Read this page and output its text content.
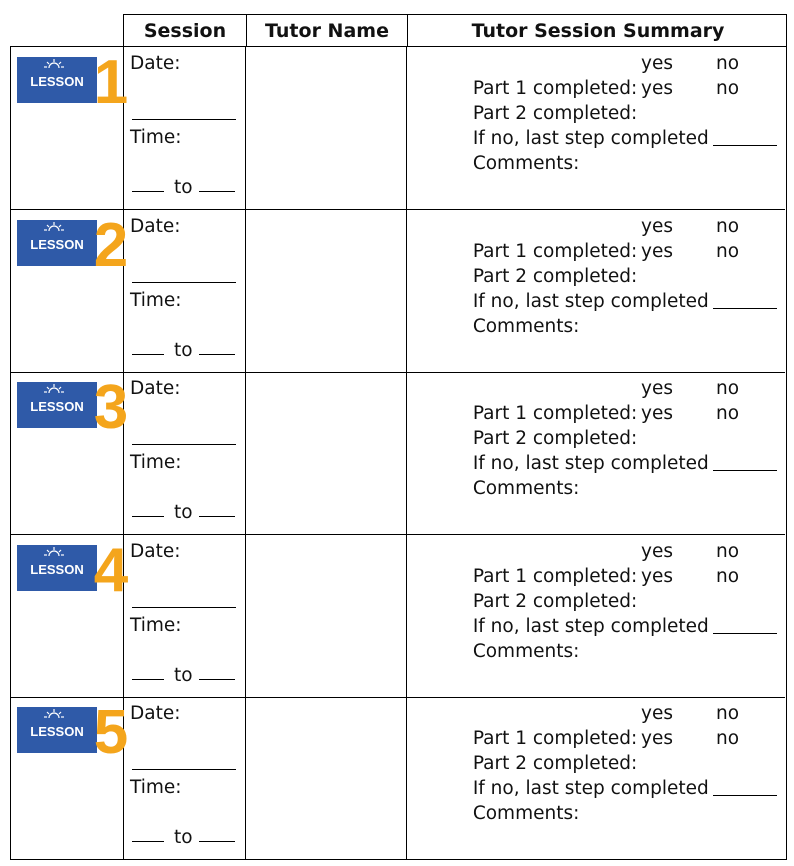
Session	Tutor Name	Tutor Session Summary
LESSON 1 Date:
Time:
to

Part 1 completed:

yes

no

Part 2 completed:

yes

no

If no, last step completed

Comments:

LESSON 2 Date:
Time:
to

Part 1 completed:

yes

no

Part 2 completed:

yes

no

If no, last step completed

Comments:

LESSON 3 Date:
Time:
to

Part 1 completed:

yes

no

Part 2 completed:

yes

no

If no, last step completed

Comments:

LESSON 4 Date:
Time:
to

Part 1 completed:

yes

no

Part 2 completed:

yes

no

If no, last step completed

Comments:

LESSON 5 Date:
Time:
to

Part 1 completed:

yes

no

Part 2 completed:

yes

no

If no, last step completed

Comments:
